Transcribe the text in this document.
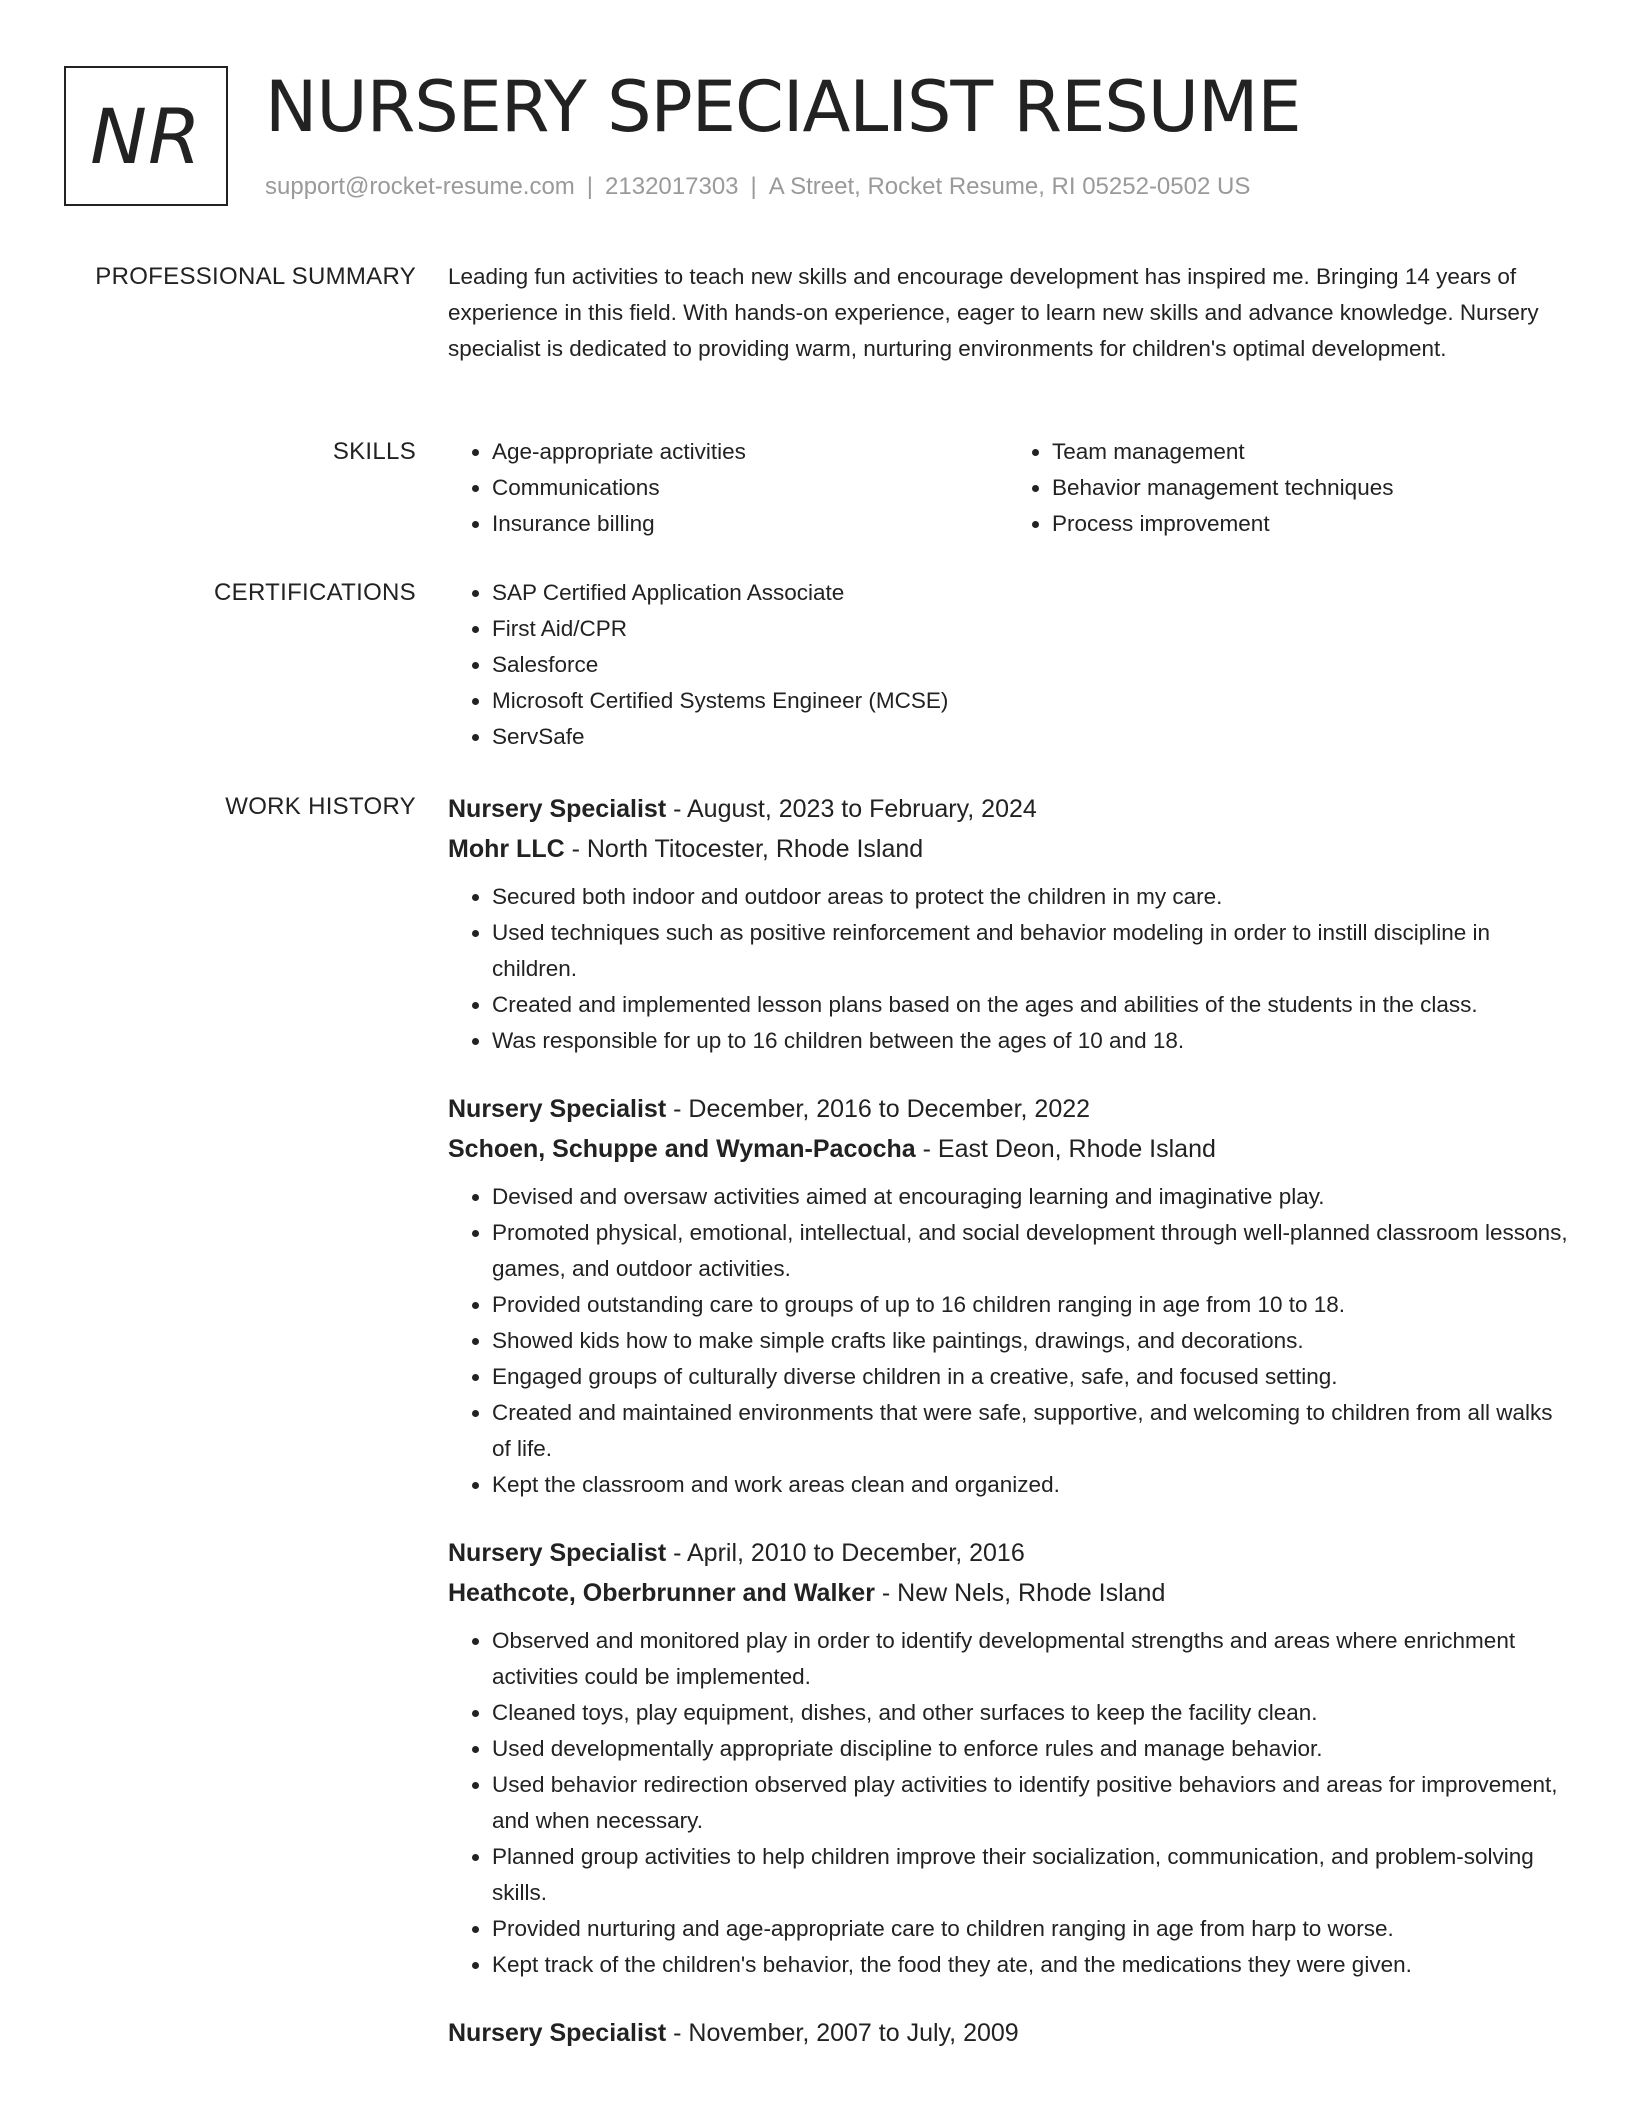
NR NURSERY SPECIALIST RESUME
support@rocket-resume.com | 2132017303 | A Street, Rocket Resume, RI 05252-0502 US
PROFESSIONAL SUMMARY Leading fun activities to teach new skills and encourage development has inspired me. Bringing 14 years of experience in this field. With hands-on experience, eager to learn new skills and advance knowledge. Nursery specialist is dedicated to providing warm, nurturing environments for children's optimal development.

SKILLS	• Age-appropriate activities
• Communications
• Insurance billing
• Team management
• Behavior management techniques
• Process improvement
CERTIFICATIONS	• SAP Certified Application Associate
• First Aid/CPR
• Salesforce
• Microsoft Certified Systems Engineer (MCSE)
• ServSafe
WORK HISTORY Nursery Specialist - August, 2023 to February, 2024
Mohr LLC - North Titocester, Rhode Island
• Secured both indoor and outdoor areas to protect the children in my care.
• Used techniques such as positive reinforcement and behavior modeling in order to instill discipline in children.
• Created and implemented lesson plans based on the ages and abilities of the students in the class.
• Was responsible for up to 16 children between the ages of 10 and 18.
Nursery Specialist - December, 2016 to December, 2022
Schoen, Schuppe and Wyman-Pacocha - East Deon, Rhode Island
• Devised and oversaw activities aimed at encouraging learning and imaginative play.
• Promoted physical, emotional, intellectual, and social development through well-planned classroom lessons, games, and outdoor activities.
• Provided outstanding care to groups of up to 16 children ranging in age from 10 to 18.
• Showed kids how to make simple crafts like paintings, drawings, and decorations.
• Engaged groups of culturally diverse children in a creative, safe, and focused setting.
• Created and maintained environments that were safe, supportive, and welcoming to children from all walks of life.
• Kept the classroom and work areas clean and organized.
Nursery Specialist - April, 2010 to December, 2016
Heathcote, Oberbrunner and Walker - New Nels, Rhode Island
• Observed and monitored play in order to identify developmental strengths and areas where enrichment activities could be implemented.
• Cleaned toys, play equipment, dishes, and other surfaces to keep the facility clean.
• Used developmentally appropriate discipline to enforce rules and manage behavior.
• Used behavior redirection observed play activities to identify positive behaviors and areas for improvement, and when necessary.
• Planned group activities to help children improve their socialization, communication, and problem-solving skills.
• Provided nurturing and age-appropriate care to children ranging in age from harp to worse.
• Kept track of the children's behavior, the food they ate, and the medications they were given.
Nursery Specialist - November, 2007 to July, 2009
